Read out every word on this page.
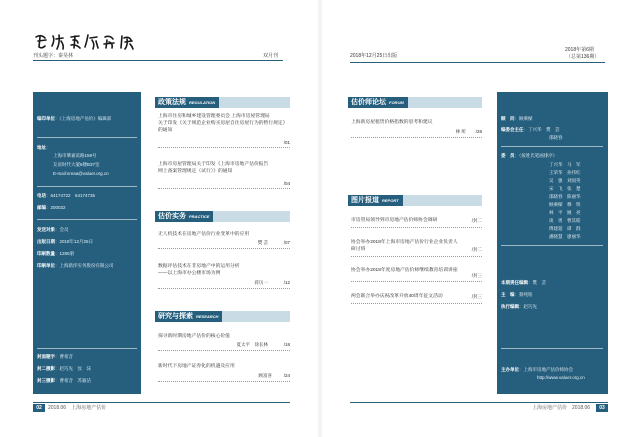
刊头题字：秦昊林	双月刊	2018年12月25日出版
2018年第6期
（总第136期）
编印单位：《上海房地产估价》编辑部
地址：
上海市肇嘉浜路159号
友谊时代大厦6楼B37室
E-mail:sreaa@valuer.org.cn
电话：64174722　64174735
邮编：200032
发送对象：会员
出版日期：2018年12月25日
印刷数量：1280册
印刷单位：上海新洋实务股份有限公司
封面题字：曹希音
封二摄影：赵巧先　汝　沫
封三摄影：曹希音　苏毅洁
政策法规 REGULATION
上海市住房和城乡建设管理委员会 上海市房屋管理局
关于印发《关于规范企业购买房屋自住房屋行为的暂行规定》
的通知
/01
上海市房屋管理局关于印发《上海市房地产估价报告
网上备案管理规定（试行）》的通知
/04
估价实务 PRACTICE
无人机技术在房地产估价行业变革中的应用
樊 芸	/07
数据评估技术在非房地产中的运用分析
——以上海市办公楼市场为例
蒋历一	/12
研究与探索 RESEARCH
探寻新时期房地产估价的核心价值
夏太平　徐长林	/18
新时代下房地产证券化的机遇及应用
顾富喜	/24
估价师论坛 FORUM
上海新房屋租赁价格指数的思考和建议
林 昕 /28
图片报道 REPORT
市房管局领导到市房地产估价师协会调研	/封二
协会举办2018年上海市房地产估价行业企业负责人
研讨班	/封二
协会举办2018年度房地产估价师继续教育培训讲座
/封三
两会联合举办庆祝改革开放40周年征文活动	/封三
顾　问：顾乘樑
编委会主任：丁兴华　樊　芸
邵晓春
委　员：（按姓氏笔画排序）
丁兴华　马　军
王荣华　孙伟红
吴　强　刘国英
宋　飞　张　楚
邵晓春　陈丽华
顾乘樑　穆　铁
林　平　姚　亮
谈　勇　曹其皓
傅建超　谭　群
潘晓慧　廖丽华
本期责任编辑：樊　芸
主　编：蔡纯铭
执行编辑：赵巧先
主办单位：上海市房地产估价师协会
http://www.valuer.org.cn
02	2018.06　上海房地产估价	上海房地产估价　2018.06	03
